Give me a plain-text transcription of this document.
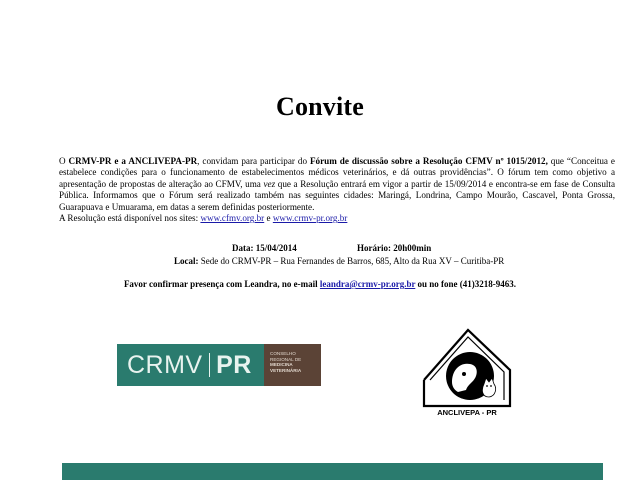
Convite
O CRMV-PR e a ANCLIVEPA-PR, convidam para participar do Fórum de discussão sobre a Resolução CFMV nº 1015/2012, que “Conceitua e estabelece condições para o funcionamento de estabelecimentos médicos veterinários, e dá outras providências”. O fórum tem como objetivo a apresentação de propostas de alteração ao CFMV, uma vez que a Resolução entrará em vigor a partir de 15/09/2014 e encontra-se em fase de Consulta Pública. Informamos que o Fórum será realizado também nas seguintes cidades: Maringá, Londrina, Campo Mourão, Cascavel, Ponta Grossa, Guarapuava e Umuarama, em datas a serem definidas posteriormente.
A Resolução está disponível nos sites: www.cfmv.org.br e www.crmv-pr.org.br
Data: 15/04/2014	Horário: 20h00min
Local: Sede do CRMV-PR – Rua Fernandes de Barros, 685, Alto da Rua XV – Curitiba-PR
Favor confirmar presença com Leandra, no e-mail leandra@crmv-pr.org.br ou no fone (41)3218-9463.
CRMV PR	CONSELHO
REGIONAL DE
MEDICINA
VETERINÁRIA
ANCLIVEPA - PR
